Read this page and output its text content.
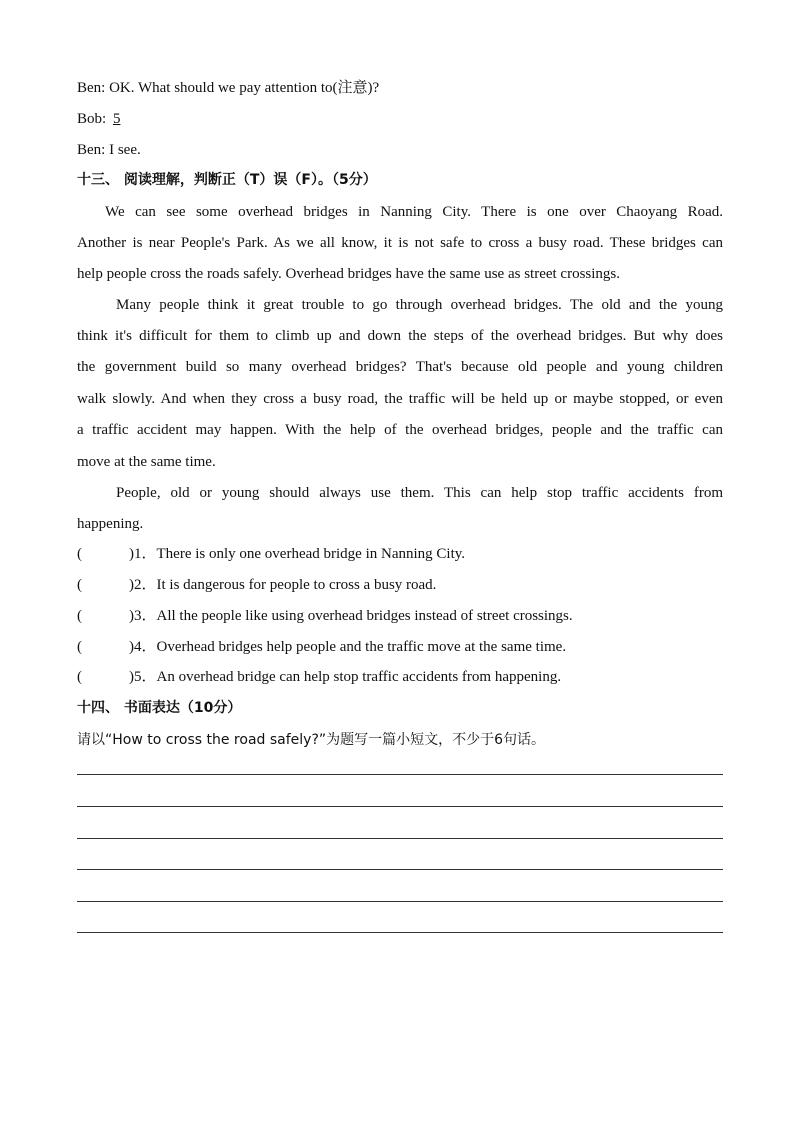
Ben: OK. What should we pay attention to(注意)?
Bob: 5
Ben: I see.
十三、 阅读理解，判断正（T）误（F）。（5分）
We can see some overhead bridges in Nanning City. There is one over Chaoyang Road.
Another is near People's Park. As we all know, it is not safe to cross a busy road. These bridges can
help people cross the roads safely. Overhead bridges have the same use as street crossings.
Many people think it great trouble to go through overhead bridges. The old and the young
think it's difficult for them to climb up and down the steps of the overhead bridges. But why does
the government build so many overhead bridges? That's because old people and young children
walk slowly. And when they cross a busy road, the traffic will be held up or maybe stopped, or even
a traffic accident may happen. With the help of the overhead bridges, people and the traffic can
move at the same time.
People, old or young should always use them. This can help stop traffic accidents from
happening.
(	)1．There is only one overhead bridge in Nanning City.
(	)2．It is dangerous for people to cross a busy road.
(	)3．All the people like using overhead bridges instead of street crossings.
(	)4．Overhead bridges help people and the traffic move at the same time.
(	)5．An overhead bridge can help stop traffic accidents from happening.
十四、 书面表达（10分）
请以“How to cross the road safely?”为题写一篇小短文，不少于6句话。
